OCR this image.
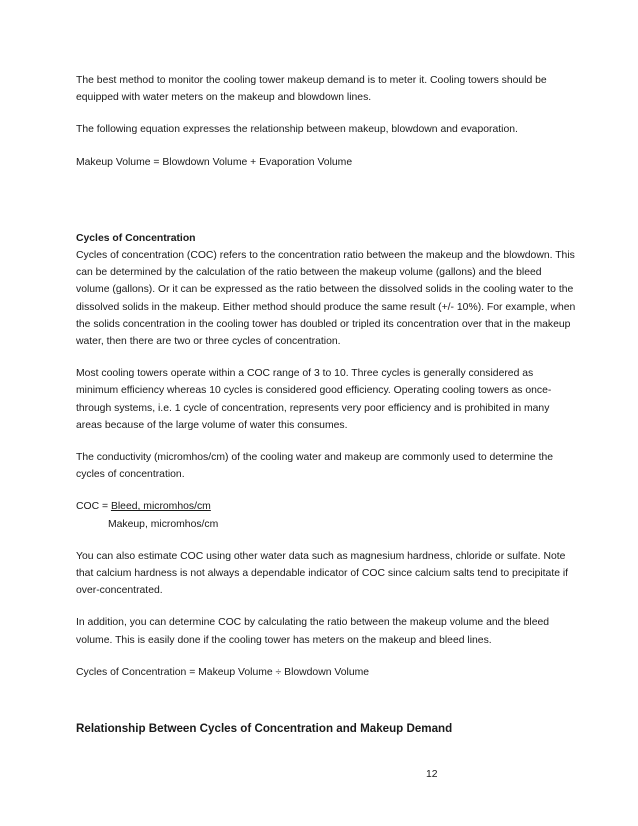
The best method to monitor the cooling tower makeup demand is to meter it. Cooling towers should be equipped with water meters on the makeup and blowdown lines.

The following equation expresses the relationship between makeup, blowdown and evaporation.

Makeup Volume = Blowdown Volume + Evaporation Volume

Cycles of Concentration

Cycles of concentration (COC) refers to the concentration ratio between the makeup and the blowdown. This can be determined by the calculation of the ratio between the makeup volume (gallons) and the bleed volume (gallons). Or it can be expressed as the ratio between the dissolved solids in the cooling water to the dissolved solids in the makeup. Either method should produce the same result (+/- 10%). For example, when the solids concentration in the cooling tower has doubled or tripled its concentration over that in the makeup water, then there are two or three cycles of concentration.

Most cooling towers operate within a COC range of 3 to 10. Three cycles is generally considered as minimum efficiency whereas 10 cycles is considered good efficiency. Operating cooling towers as once-through systems, i.e. 1 cycle of concentration, represents very poor efficiency and is prohibited in many areas because of the large volume of water this consumes.

The conductivity (micromhos/cm) of the cooling water and makeup are commonly used to determine the cycles of concentration.

COC = Bleed, micromhos/cm

Makeup, micromhos/cm

You can also estimate COC using other water data such as magnesium hardness, chloride or sulfate. Note that calcium hardness is not always a dependable indicator of COC since calcium salts tend to precipitate if over-concentrated.

In addition, you can determine COC by calculating the ratio between the makeup volume and the bleed volume. This is easily done if the cooling tower has meters on the makeup and bleed lines.

Cycles of Concentration = Makeup Volume ÷ Blowdown Volume

Relationship Between Cycles of Concentration and Makeup Demand

12
